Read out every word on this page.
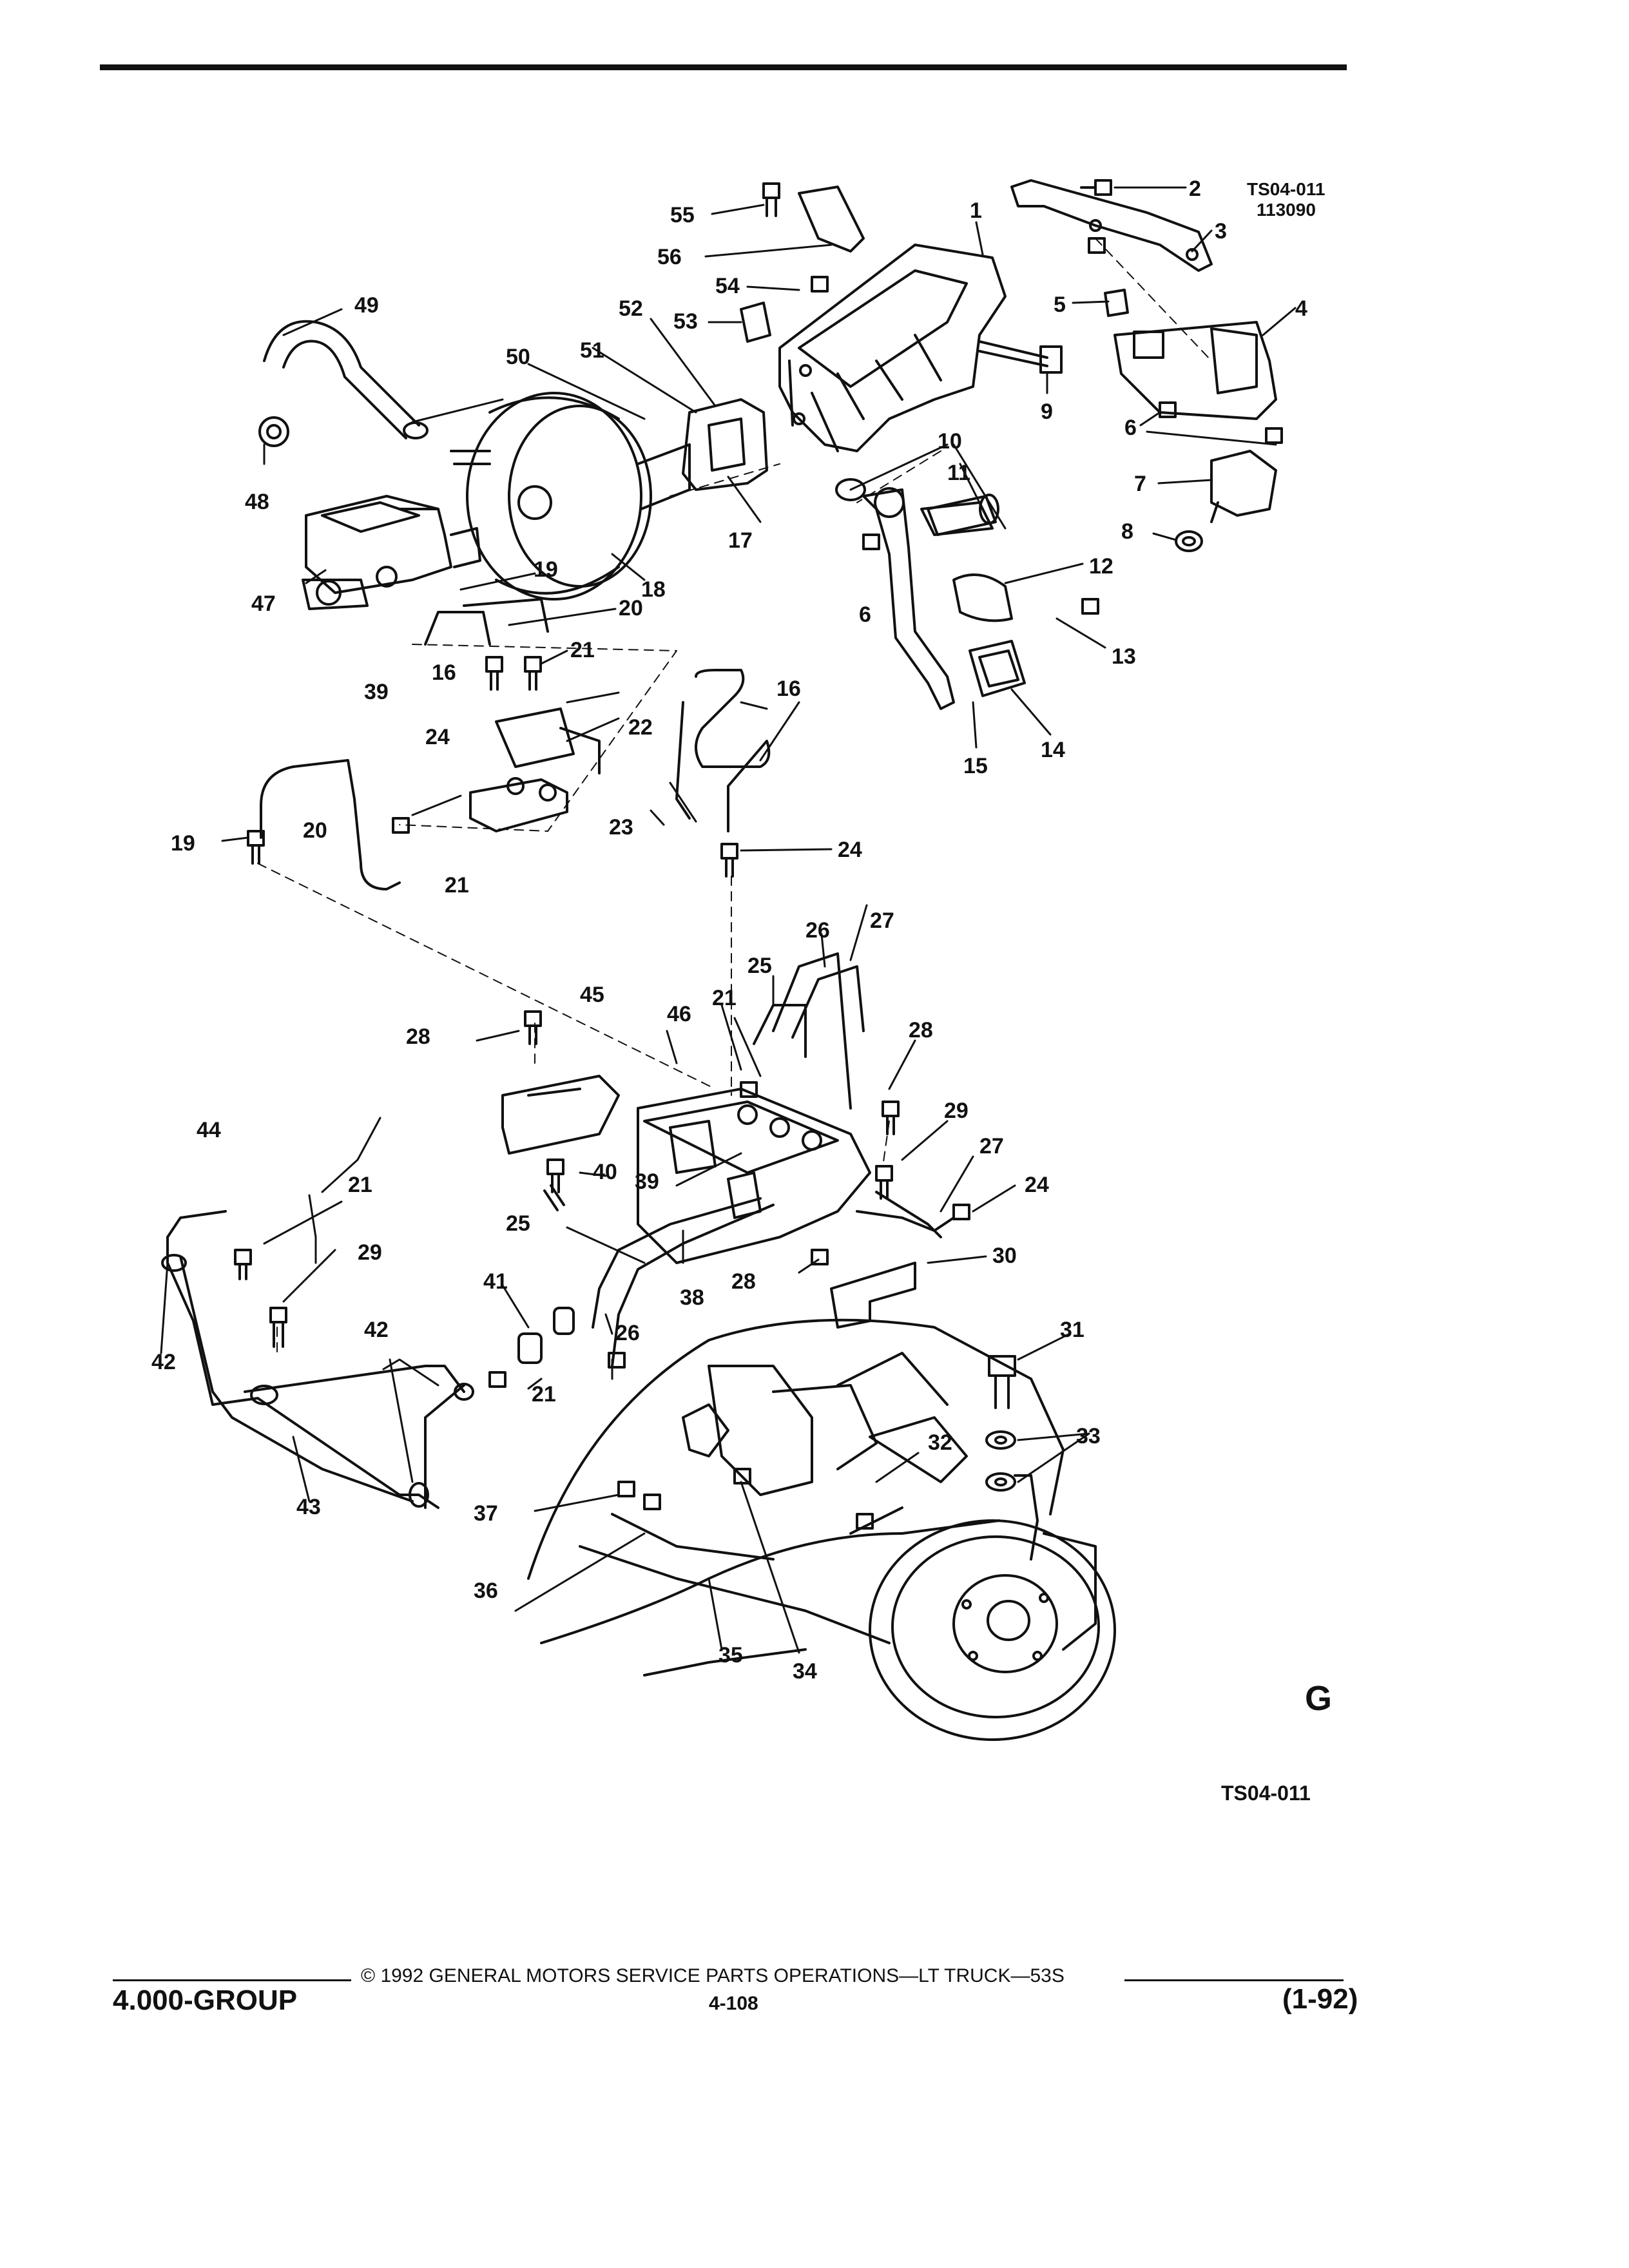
1
2
3
4
5
6
6
7
8
9
10
11
12
13
14
15
16
16
17
18
19
19
20
20
21
21
21
21
21
22
23
24
24
24
25
25
26
26
27
27
28	28
28
29
29	30
31
32	33
34
35
36
37
38
39
39
40
41
42
42
43
44
45
46
47
48
49
50 51
52
53
54
55
56
TS04-011
113090
TS04-011
G
© 1992 GENERAL MOTORS SERVICE PARTS OPERATIONS—LT TRUCK—53S
4.000-GROUP	4-108	(1-92)
